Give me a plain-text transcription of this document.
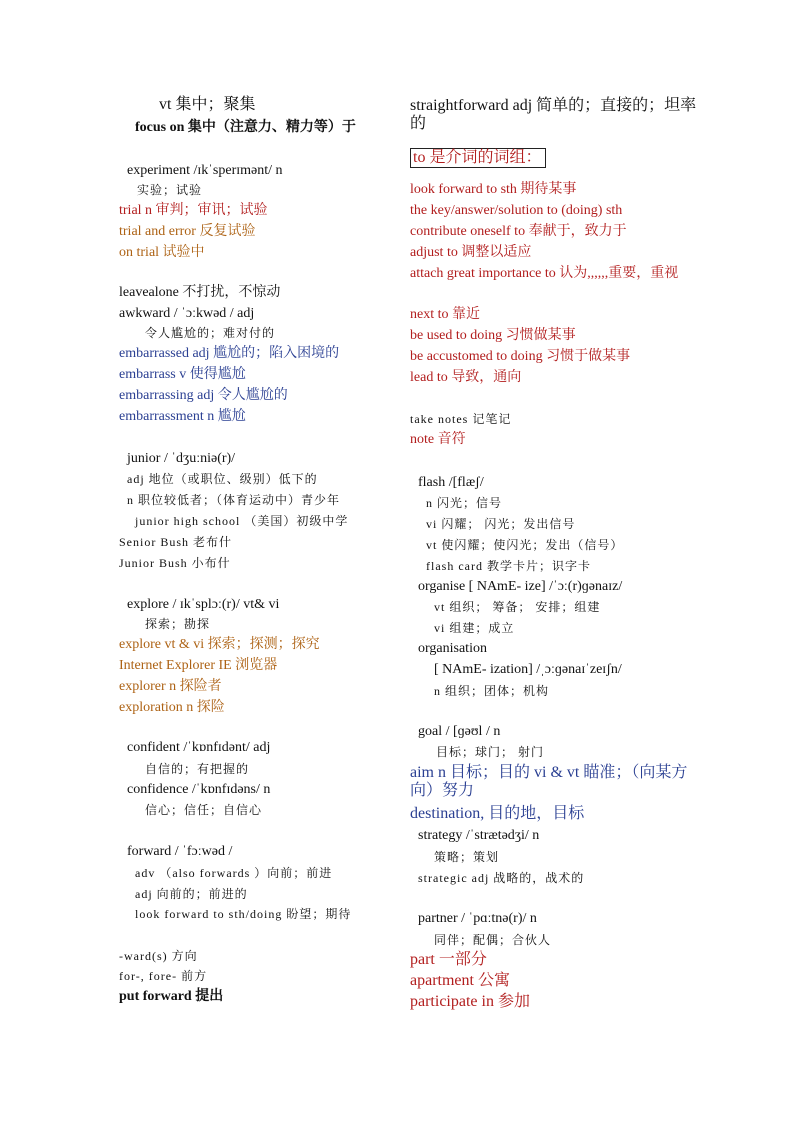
vt 集中；聚集
focus on 集中（注意力、精力等）于
experiment /ɪkˈsperɪmənt/ n
实验；试验
trial n 审判；审讯；试验
trial and error 反复试验
on trial 试验中
leavealone 不打扰，不惊动
awkward / ˈɔːkwəd / adj
令人尴尬的；难对付的
embarrassed adj 尴尬的；陷入困境的
embarrass v 使得尴尬
embarrassing adj 令人尴尬的
embarrassment n 尴尬
junior / ˈdʒuːniə(r)/
adj 地位（或职位、级别）低下的
n 职位较低者；（体育运动中）青少年
junior high school （美国）初级中学
Senior Bush 老布什
Junior Bush 小布什
explore / ɪkˈsplɔː(r)/ vt& vi
探索；勘探
explore vt & vi 探索；探测；探究
Internet Explorer IE 浏览器
explorer n 探险者
exploration n 探险
confident /ˈkɒnfɪdənt/ adj
自信的；有把握的
confidence /ˈkɒnfɪdəns/ n
信心；信任；自信心
forward / ˈfɔːwəd /
adv （also forwards ）向前；前进
adj 向前的；前进的
look forward to sth/doing 盼望；期待
-ward(s) 方向
for-, fore- 前方
put forward 提出
straightforward adj 简单的；直接的；坦率的
to 是介词的词组：
look forward to sth 期待某事
the key/answer/solution to (doing) sth
contribute oneself to 奉献于，致力于
adjust to 调整以适应
attach great importance to 认为,,,,,,重要，重视
next to 靠近
be used to doing 习惯做某事
be accustomed to doing 习惯于做某事
lead to 导致，通向
take notes 记笔记
note 音符
flash /[flæʃ/
n 闪光；信号
vi 闪耀； 闪光；发出信号
vt 使闪耀；使闪光；发出（信号）
flash card 教学卡片；识字卡
organise [ NAmE- ize] /ˈɔː(r)ɡənaɪz/
vt 组织； 筹备； 安排；组建
vi 组建；成立
organisation
[ NAmE- ization] /ˌɔːɡənaɪˈzeɪʃn/
n 组织；团体；机构
goal / [ɡəʊl / n
目标；球门； 射门
aim n 目标；目的 vi & vt 瞄准；（向某方向）努力
destination, 目的地，目标
strategy /ˈstrætədʒi/ n
策略；策划
strategic adj 战略的，战术的
partner / ˈpɑːtnə(r)/ n
同伴；配偶；合伙人
part 一部分
apartment 公寓
participate in 参加
